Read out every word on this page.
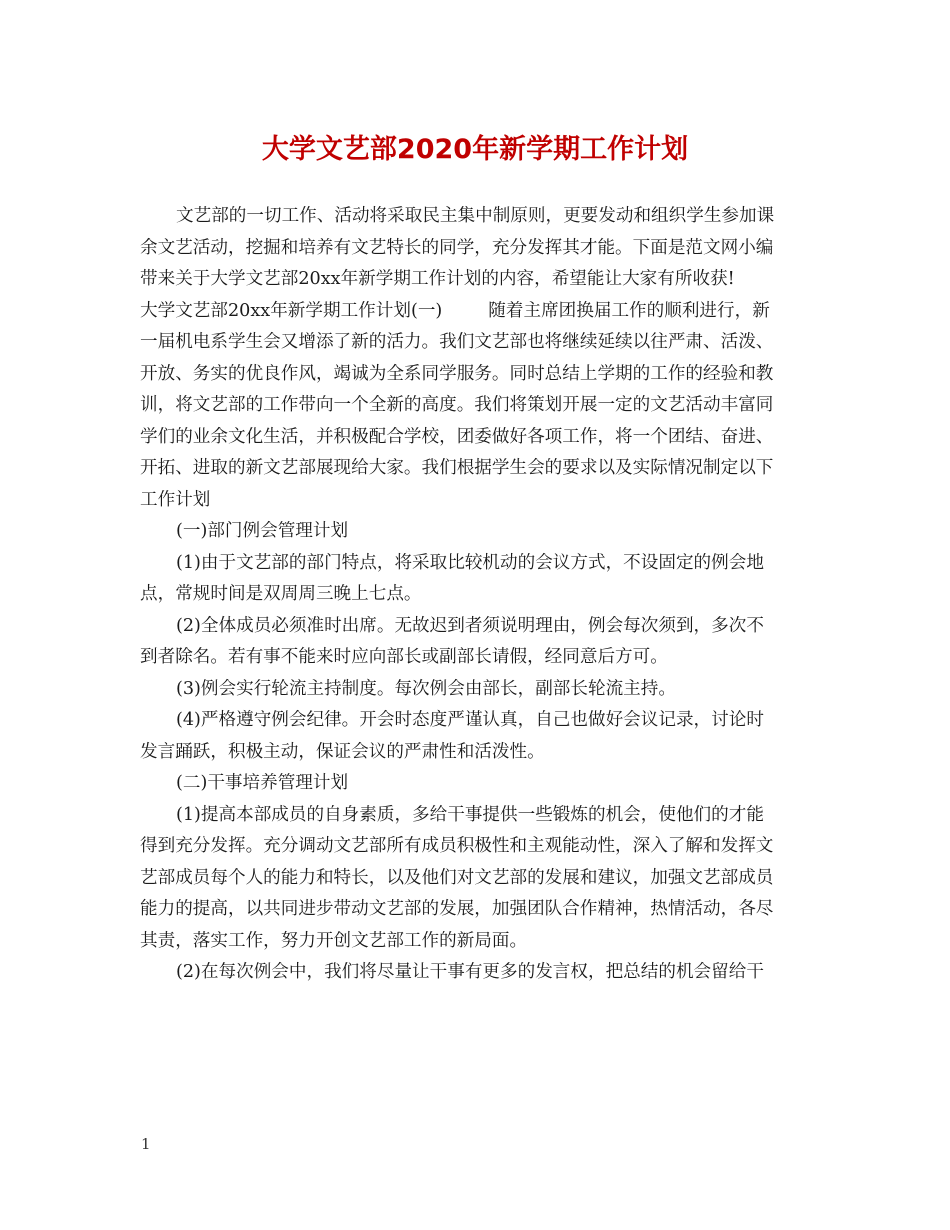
大学文艺部2020年新学期工作计划
文艺部的一切工作、活动将采取民主集中制原则，更要发动和组织学生参加课
余文艺活动，挖掘和培养有文艺特长的同学，充分发挥其才能。下面是范文网小编
带来关于大学文艺部20xx年新学期工作计划的内容，希望能让大家有所收获!
大学文艺部20xx年新学期工作计划(一)	随着主席团换届工作的顺利进行，新
一届机电系学生会又增添了新的活力。我们文艺部也将继续延续以往严肃、活泼、
开放、务实的优良作风，竭诚为全系同学服务。同时总结上学期的工作的经验和教
训，将文艺部的工作带向一个全新的高度。我们将策划开展一定的文艺活动丰富同
学们的业余文化生活，并积极配合学校，团委做好各项工作，将一个团结、奋进、
开拓、进取的新文艺部展现给大家。我们根据学生会的要求以及实际情况制定以下
工作计划
(一)部门例会管理计划
(1)由于文艺部的部门特点，将采取比较机动的会议方式，不设固定的例会地
点，常规时间是双周周三晚上七点。
(2)全体成员必须准时出席。无故迟到者须说明理由，例会每次须到，多次不
到者除名。若有事不能来时应向部长或副部长请假，经同意后方可。
(3)例会实行轮流主持制度。每次例会由部长，副部长轮流主持。
(4)严格遵守例会纪律。开会时态度严谨认真，自己也做好会议记录，讨论时
发言踊跃，积极主动，保证会议的严肃性和活泼性。
(二)干事培养管理计划
(1)提高本部成员的自身素质，多给干事提供一些锻炼的机会，使他们的才能
得到充分发挥。充分调动文艺部所有成员积极性和主观能动性，深入了解和发挥文
艺部成员每个人的能力和特长，以及他们对文艺部的发展和建议，加强文艺部成员
能力的提高，以共同进步带动文艺部的发展，加强团队合作精神，热情活动，各尽
其责，落实工作，努力开创文艺部工作的新局面。
(2)在每次例会中，我们将尽量让干事有更多的发言权，把总结的机会留给干
1
